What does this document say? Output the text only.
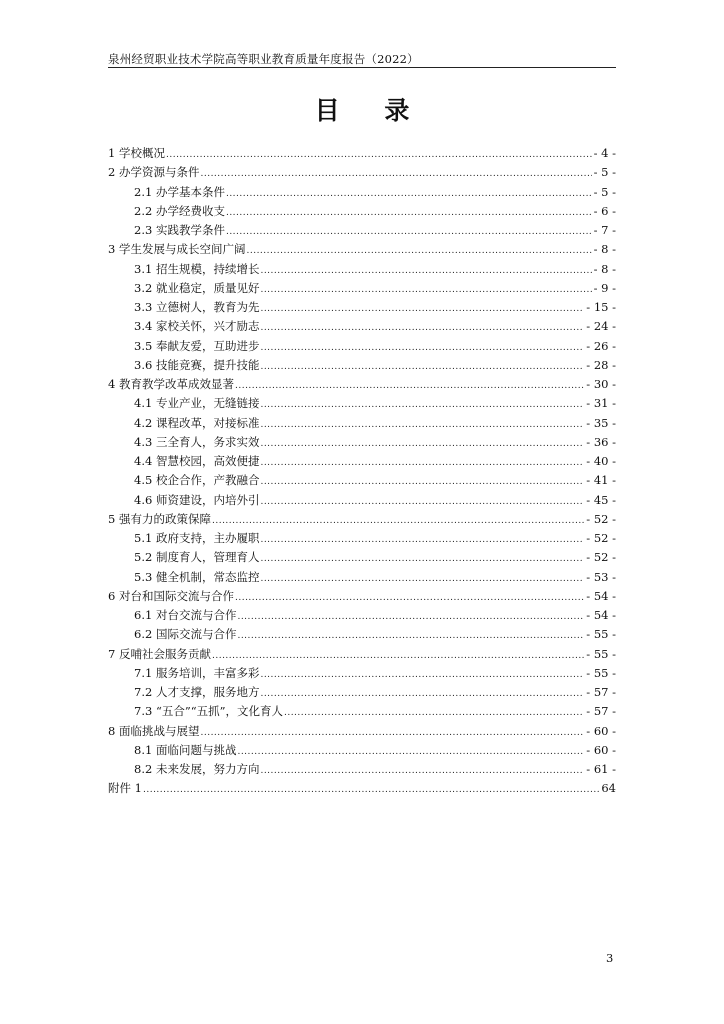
泉州经贸职业技术学院高等职业教育质量年度报告（2022）
目 录
1 学校概况 .....	- 4 -
2 办学资源与条件 .....	- 5 -
2.1 办学基本条件 .....	- 5 -
2.2 办学经费收支 .....	- 6 -
2.3 实践教学条件 .....	- 7 -
3 学生发展与成长空间广阔 .....	- 8 -
3.1 招生规模，持续增长 .....	- 8 -
3.2 就业稳定，质量见好 .....	- 9 -
3.3 立德树人，教育为先 .....	- 15 -
3.4 家校关怀，兴才励志 .....	- 24 -
3.5 奉献友爱，互助进步 .....	- 26 -
3.6 技能竞赛，提升技能 .....	- 28 -
4 教育教学改革成效显著 .....	- 30 -
4.1 专业产业，无缝链接 .....	- 31 -
4.2 课程改革，对接标准 .....	- 35 -
4.3 三全育人，务求实效 .....	- 36 -
4.4 智慧校园，高效便捷 .....	- 40 -
4.5 校企合作，产教融合 .....	- 41 -
4.6 师资建设，内培外引 .....	- 45 -
5 强有力的政策保障 .....	- 52 -
5.1 政府支持，主办履职 .....	- 52 -
5.2 制度育人，管理育人 .....	- 52 -
5.3 健全机制，常态监控 .....	- 53 -
6 对台和国际交流与合作 .....	- 54 -
6.1 对台交流与合作 .....	- 54 -
6.2 国际交流与合作 .....	- 55 -
7 反哺社会服务贡献 .....	- 55 -
7.1 服务培训，丰富多彩 .....	- 55 -
7.2 人才支撑，服务地方 .....	- 57 -
7.3 “五合”“五抓”，文化育人 .....	- 57 -
8 面临挑战与展望 .....	- 60 -
8.1 面临问题与挑战 .....	- 60 -
8.2 未来发展，努力方向 .....	- 61 -
附件 1 .....	64
3
